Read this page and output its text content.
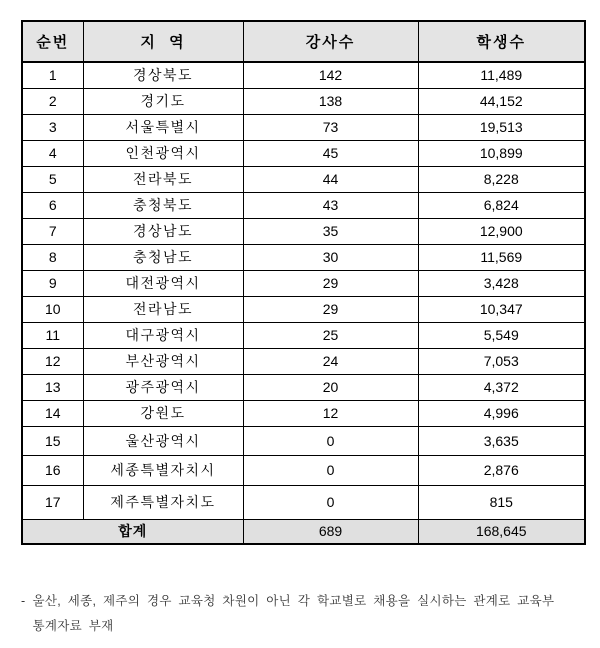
순번	지  역	강사수	학생수
1	경상북도	142	11,489
2	경기도	138	44,152
3	서울특별시	73	19,513
4	인천광역시	45	10,899
5	전라북도	44	8,228
6	충청북도	43	6,824
7	경상남도	35	12,900
8	충청남도	30	11,569
9	대전광역시	29	3,428
10	전라남도	29	10,347
11	대구광역시	25	5,549
12	부산광역시	24	7,053
13	광주광역시	20	4,372
14	강원도	12	4,996
15	울산광역시	0	3,635
16	세종특별자치시	0	2,876
17	제주특별자치도	0	815
합계		689	168,645
- 울산, 세종, 제주의 경우 교육청 차원이 아닌 각 학교별로 채용을 실시하는 관계로 교육부
통계자료 부재
